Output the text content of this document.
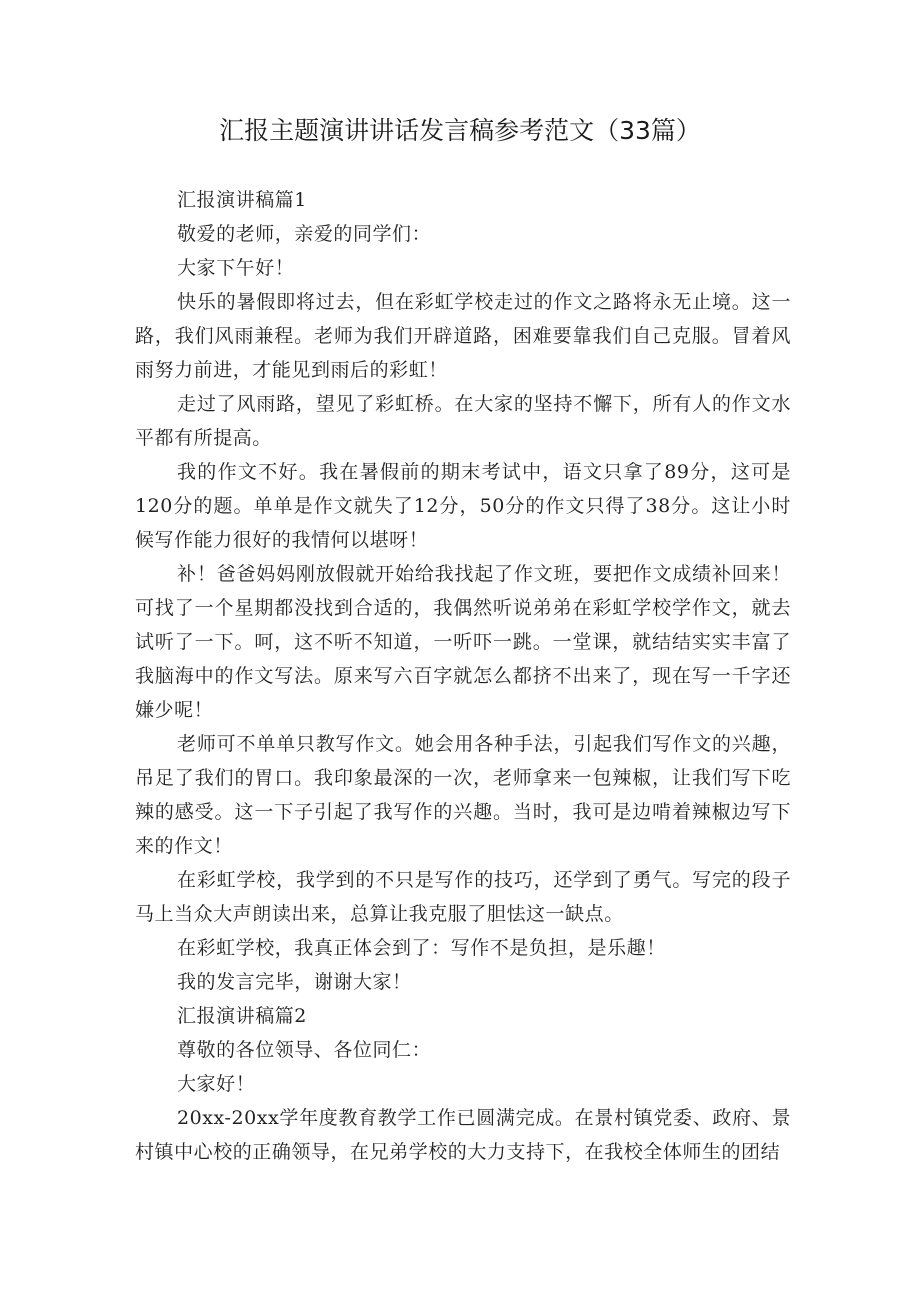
汇报主题演讲讲话发言稿参考范文（33篇）

汇报演讲稿篇1

敬爱的老师，亲爱的同学们：

大家下午好！

快乐的暑假即将过去，但在彩虹学校走过的作文之路将永无止境。这一路，我们风雨兼程。老师为我们开辟道路，困难要靠我们自己克服。冒着风雨努力前进，才能见到雨后的彩虹！

走过了风雨路，望见了彩虹桥。在大家的坚持不懈下，所有人的作文水平都有所提高。

我的作文不好。我在暑假前的期末考试中，语文只拿了89分，这可是120分的题。单单是作文就失了12分，50分的作文只得了38分。这让小时候写作能力很好的我情何以堪呀！

补！爸爸妈妈刚放假就开始给我找起了作文班，要把作文成绩补回来！可找了一个星期都没找到合适的，我偶然听说弟弟在彩虹学校学作文，就去试听了一下。呵，这不听不知道，一听吓一跳。一堂课，就结结实实丰富了我脑海中的作文写法。原来写六百字就怎么都挤不出来了，现在写一千字还嫌少呢！

老师可不单单只教写作文。她会用各种手法，引起我们写作文的兴趣，吊足了我们的胃口。我印象最深的一次，老师拿来一包辣椒，让我们写下吃辣的感受。这一下子引起了我写作的兴趣。当时，我可是边啃着辣椒边写下来的作文！

在彩虹学校，我学到的不只是写作的技巧，还学到了勇气。写完的段子马上当众大声朗读出来，总算让我克服了胆怯这一缺点。

在彩虹学校，我真正体会到了：写作不是负担，是乐趣！

我的发言完毕，谢谢大家！

汇报演讲稿篇2

尊敬的各位领导、各位同仁：

大家好！

20xx-20xx学年度教育教学工作已圆满完成。在景村镇党委、政府、景村镇中心校的正确领导，在兄弟学校的大力支持下，在我校全体师生的团结
